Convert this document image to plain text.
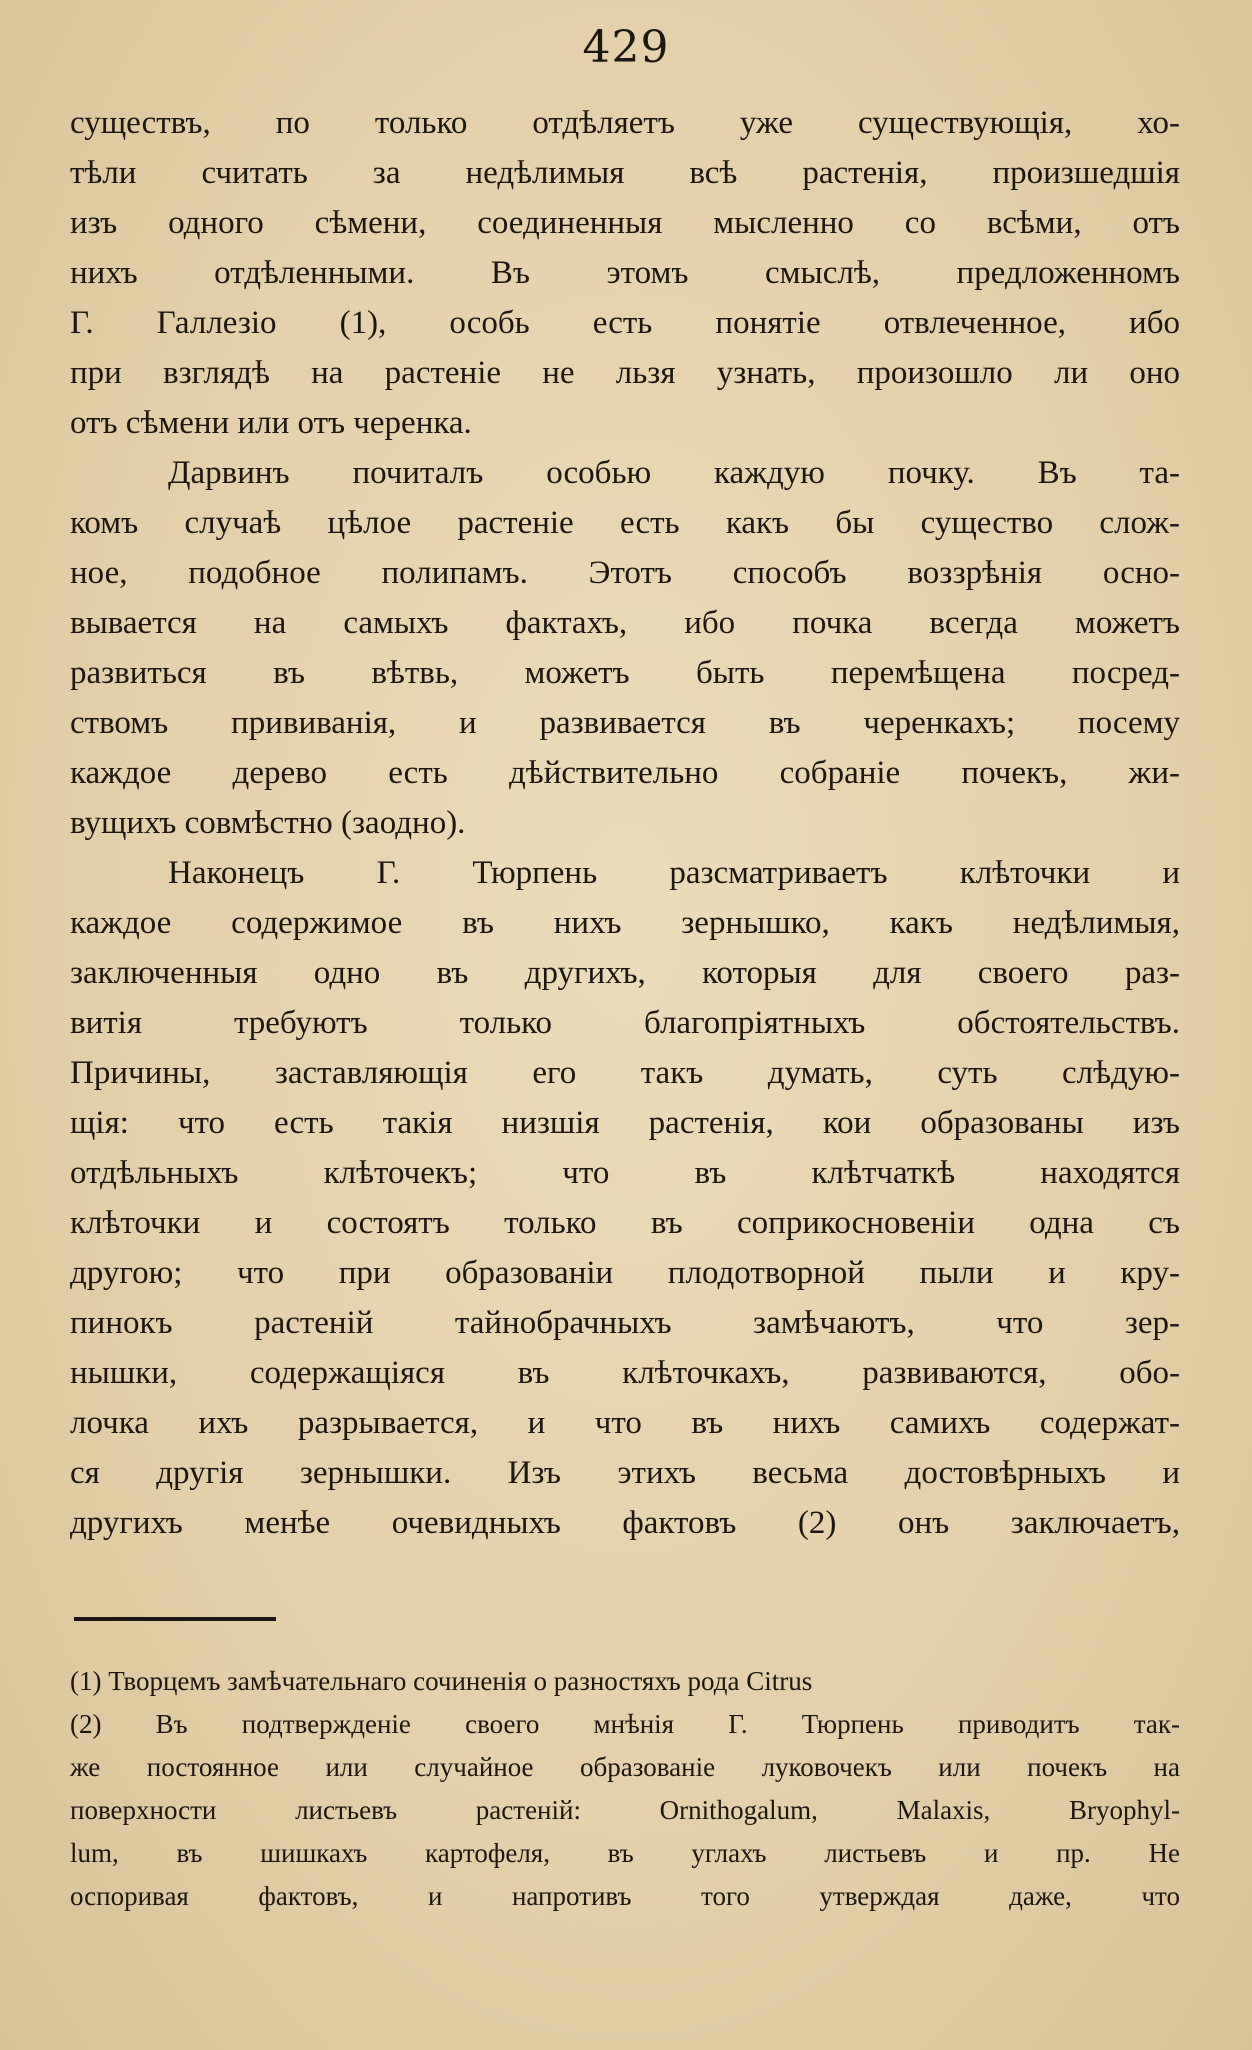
429

существъ, по только отдѣляетъ уже существующія, хо-

тѣли считать за недѣлимыя всѣ растенія, произшедшія

изъ одного сѣмени, соединенныя мысленно со всѣми, отъ

нихъ отдѣленными. Въ этомъ смыслѣ, предложенномъ

Г. Галлезіо (1), особь есть понятіе отвлеченное, ибо

при взглядѣ на растеніе не льзя узнать, произошло ли оно

отъ сѣмени или отъ черенка.

Дарвинъ почиталъ особью каждую почку. Въ та-

комъ случаѣ цѣлое растеніе есть какъ бы существо слож-

ное, подобное полипамъ. Этотъ способъ воззрѣнія осно-

вывается на самыхъ фактахъ, ибо почка всегда можетъ

развиться въ вѣтвь, можетъ быть перемѣщена посред-

ствомъ прививанія, и развивается въ черенкахъ; посему

каждое дерево есть дѣйствительно собраніе почекъ, жи-

вущихъ совмѣстно (заодно).

Наконецъ Г. Тюрпень разсматриваетъ клѣточки и

каждое содержимое въ нихъ зернышко, какъ недѣлимыя,

заключенныя одно въ другихъ, которыя для своего раз-

витія требуютъ только благопріятныхъ обстоятельствъ.

Причины, заставляющія его такъ думать, суть слѣдую-

щія: что есть такія низшія растенія, кои образованы изъ

отдѣльныхъ клѣточекъ; что въ клѣтчаткѣ находятся

клѣточки и состоятъ только въ соприкосновеніи одна съ

другою; что при образованіи плодотворной пыли и кру-

пинокъ растеній тайнобрачныхъ замѣчаютъ, что зер-

нышки, содержащіяся въ клѣточкахъ, развиваются, обо-

лочка ихъ разрывается, и что въ нихъ самихъ содержат-

ся другія зернышки. Изъ этихъ весьма достовѣрныхъ и

другихъ менѣе очевидныхъ фактовъ (2) онъ заключаетъ,

(1) Творцемъ замѣчательнаго сочиненія о разностяхъ рода Citrus

(2) Въ подтвержденіе своего мнѣнія Г. Тюрпень приводитъ так-

же постоянное или случайное образованіе луковочекъ или почекъ на

поверхности листьевъ растеній: Ornithogalum, Malaxis, Bryophyl-

lum, въ шишкахъ картофеля, въ углахъ листьевъ и пр. Не

оспоривая фактовъ, и напротивъ того утверждая даже, что
